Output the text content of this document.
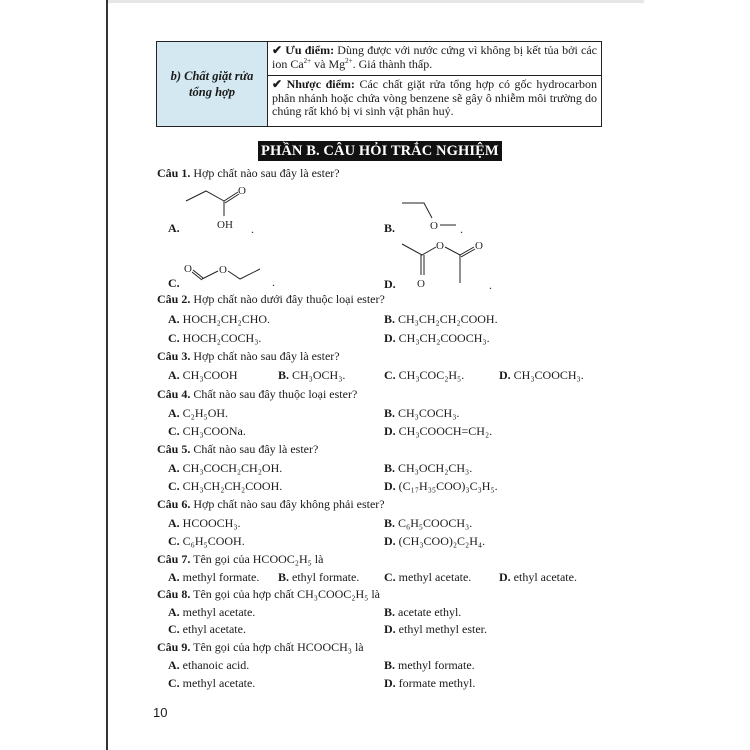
b) Chất giặt rửa tổng hợp
✔ Ưu điểm: Dùng được với nước cứng vì không bị kết tủa bởi các ion $Ca^{2+}$ và $Mg^{2+}$. Giá thành thấp.
✔ Nhược điểm: Các chất giặt rửa tổng hợp có gốc hydrocarbon phân nhánh hoặc chứa vòng benzene sẽ gây ô nhiễm môi trường do chúng rất khó bị vi sinh vật phân huỷ.
PHẦN B. CÂU HỎI TRẮC NGHIỆM
Câu 1. Hợp chất nào sau đây là ester?
A.
O
OH .	B.	O .
C.
O O
.	D. O
O	O
.
Câu 2. Hợp chất nào dưới đây thuộc loại ester?
A. HOCH₂CH₂CHO.	B. CH₃CH₂CH₂COOH.
C. HOCH₂COCH₃.	D. CH₃CH₂COOCH₃.
Câu 3. Hợp chất nào sau đây là ester?
A. CH₃COOH	B. CH₃OCH₃.	C. CH₃COC₂H₅.	D. CH₃COOCH₃.
Câu 4. Chất nào sau đây thuộc loại ester?
A. C₂H₅OH.	B. CH₃COCH₃.
C. CH₃COONa.	D. CH₃COOCH=CH₂.
Câu 5. Chất nào sau đây là ester?
A. CH₃COCH₂CH₂OH.	B. CH₃OCH₂CH₃.
C. CH₃CH₂CH₂COOH.	D. (C₁₇H₃₅COO)₃C₃H₅.
Câu 6. Hợp chất nào sau đây không phải ester?
A. HCOOCH₃.	B. C₆H₅COOCH₃.
C. C₆H₅COOH.	D. (CH₃COO)₂C₂H₄.
Câu 7. Tên gọi của HCOOC₂H₅ là
A. methyl formate. B. ethyl formate. C. methyl acetate. D. ethyl acetate.
Câu 8. Tên gọi của hợp chất CH₃COOC₂H₅ là
A. methyl acetate.	B. acetate ethyl.
C. ethyl acetate.	D. ethyl methyl ester.
Câu 9. Tên gọi của hợp chất HCOOCH₃ là
A. ethanoic acid.	B. methyl formate.
C. methyl acetate.	D. formate methyl.
10
